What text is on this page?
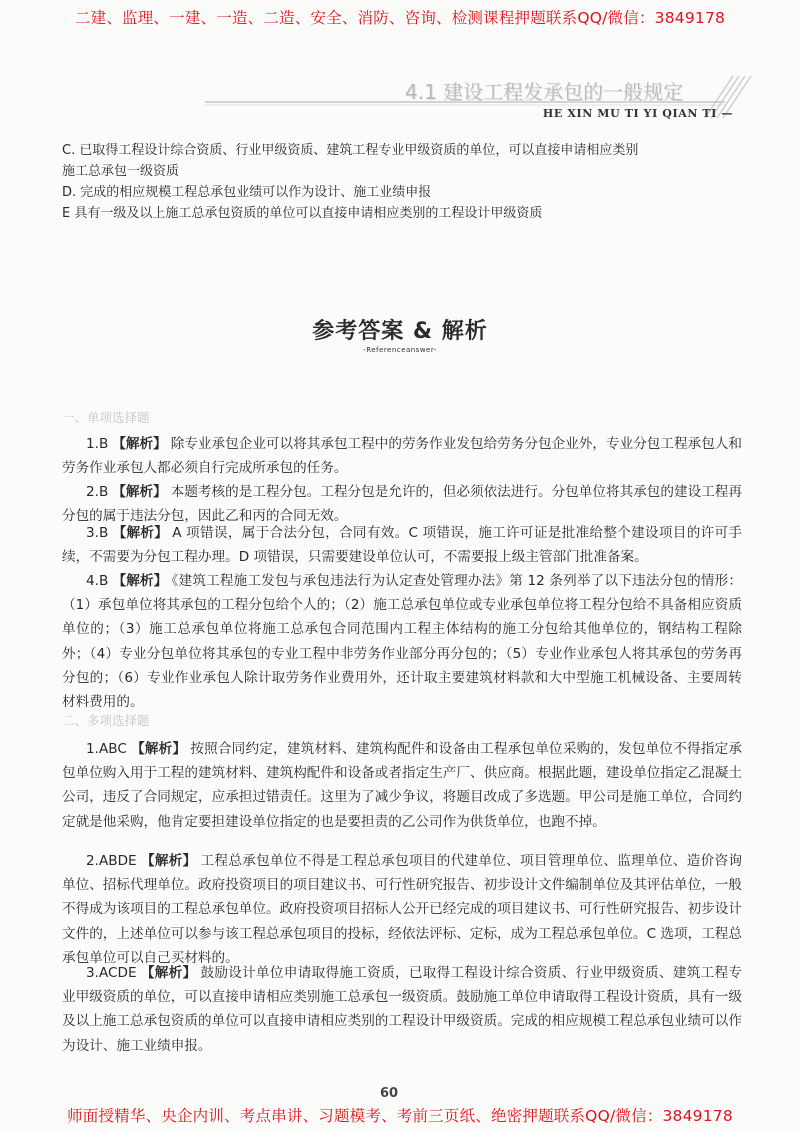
二建、监理、一建、一造、二造、安全、消防、咨询、检测课程押题联系QQ/微信：3849178
4.1 建设工程发承包的一般规定
HE XIN MU TI YI QIAN TI —
C. 已取得工程设计综合资质、行业甲级资质、建筑工程专业甲级资质的单位，可以直接申请相应类别
施工总承包一级资质
D. 完成的相应规模工程总承包业绩可以作为设计、施工业绩申报
E 具有一级及以上施工总承包资质的单位可以直接申请相应类别的工程设计甲级资质
参考答案 & 解析
-Referenceanswer-
一、单项选择题
1.B 【解析】 除专业承包企业可以将其承包工程中的劳务作业发包给劳务分包企业外，专业分包工程承包人和劳务作业承包人都必须自行完成所承包的任务。
2.B 【解析】 本题考核的是工程分包。工程分包是允许的，但必须依法进行。分包单位将其承包的建设工程再分包的属于违法分包，因此乙和丙的合同无效。
3.B 【解析】 A 项错误，属于合法分包，合同有效。C 项错误，施工许可证是批准给整个建设项目的许可手续，不需要为分包工程办理。D 项错误，只需要建设单位认可，不需要报上级主管部门批准备案。
4.B 【解析】 《建筑工程施工发包与承包违法行为认定查处管理办法》第 12 条列举了以下违法分包的情形：（1）承包单位将其承包的工程分包给个人的；（2）施工总承包单位或专业承包单位将工程分包给不具备相应资质单位的；（3）施工总承包单位将施工总承包合同范围内工程主体结构的施工分包给其他单位的，钢结构工程除外；（4）专业分包单位将其承包的专业工程中非劳务作业部分再分包的；（5）专业作业承包人将其承包的劳务再分包的；（6）专业作业承包人除计取劳务作业费用外，还计取主要建筑材料款和大中型施工机械设备、主要周转材料费用的。
二、多项选择题
1.ABC 【解析】 按照合同约定，建筑材料、建筑构配件和设备由工程承包单位采购的，发包单位不得指定承包单位购入用于工程的建筑材料、建筑构配件和设备或者指定生产厂、供应商。根据此题，建设单位指定乙混凝土公司，违反了合同规定，应承担过错责任。这里为了减少争议，将题目改成了多选题。甲公司是施工单位，合同约定就是他采购，他肯定要担建设单位指定的也是要担责的乙公司作为供货单位，也跑不掉。
2.ABDE 【解析】 工程总承包单位不得是工程总承包项目的代建单位、项目管理单位、监理单位、造价咨询单位、招标代理单位。政府投资项目的项目建议书、可行性研究报告、初步设计文件编制单位及其评估单位，一般不得成为该项目的工程总承包单位。政府投资项目招标人公开已经完成的项目建议书、可行性研究报告、初步设计文件的，上述单位可以参与该工程总承包项目的投标，经依法评标、定标，成为工程总承包单位。C 选项，工程总承包单位可以自己买材料的。
3.ACDE 【解析】 鼓励设计单位申请取得施工资质，已取得工程设计综合资质、行业甲级资质、建筑工程专业甲级资质的单位，可以直接申请相应类别施工总承包一级资质。鼓励施工单位申请取得工程设计资质，具有一级及以上施工总承包资质的单位可以直接申请相应类别的工程设计甲级资质。完成的相应规模工程总承包业绩可以作为设计、施工业绩申报。
60
师面授精华、央企内训、考点串讲、习题模考、考前三页纸、绝密押题联系QQ/微信：3849178
